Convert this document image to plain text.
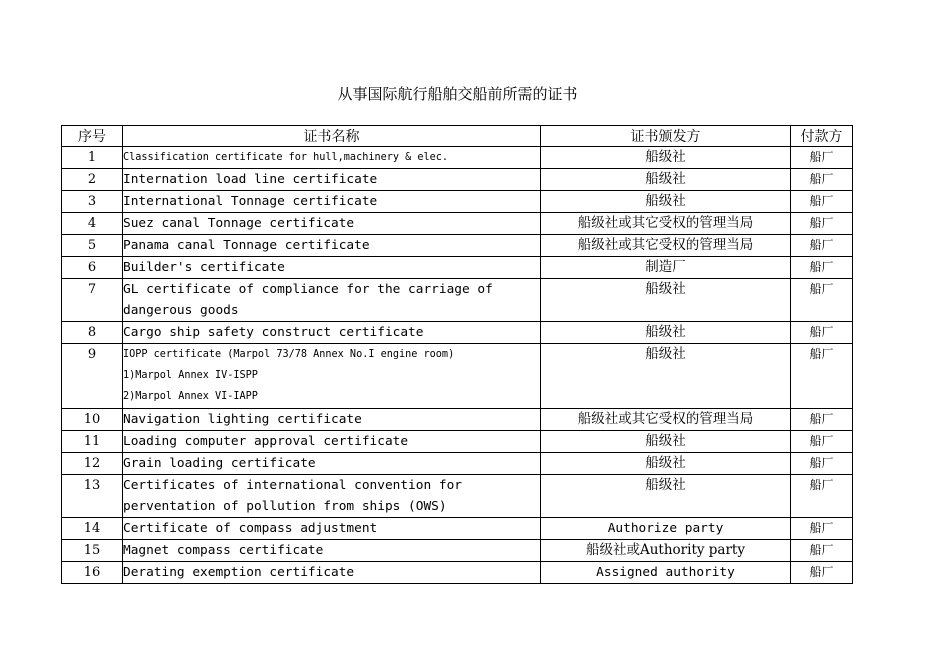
从事国际航行船舶交船前所需的证书
序号	证书名称	证书颁发方	付款方
1	Classification certificate for hull,machinery & elec.	船级社	船厂
2	Internation load line certificate	船级社	船厂
3	International Tonnage certificate	船级社	船厂
4	Suez canal Tonnage certificate	船级社或其它受权的管理当局	船厂
5	Panama canal Tonnage certificate	船级社或其它受权的管理当局	船厂
6	Builder's certificate	制造厂	船厂
7	GL certificate of compliance for the carriage of
dangerous goods	船级社	船厂
8	Cargo ship safety construct certificate	船级社	船厂
9	IOPP certificate (Marpol 73/78 Annex No.I engine room)
1)Marpol Annex IV-ISPP
2)Marpol Annex VI-IAPP	船级社	船厂
10	Navigation lighting certificate	船级社或其它受权的管理当局	船厂
11	Loading computer approval certificate	船级社	船厂
12	Grain loading certificate	船级社	船厂
13	Certificates of international convention for
perventation of pollution from ships (OWS)	船级社	船厂
14	Certificate of compass adjustment	Authorize party	船厂
15	Magnet compass certificate	船级社或Authority party	船厂
16	Derating exemption certificate	Assigned authority	船厂
